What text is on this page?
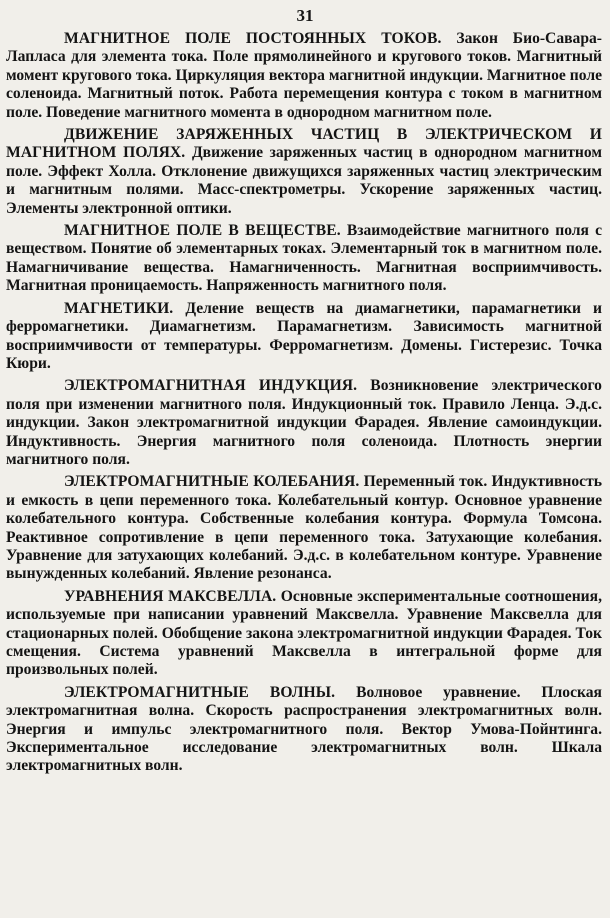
31

МАГНИТНОЕ ПОЛЕ ПОСТОЯННЫХ ТОКОВ. Закон Био-Савара-Лапласа для элемента тока. Поле прямолинейного и кругового токов. Магнитный момент кругового тока. Циркуляция вектора магнитной индукции. Магнитное поле соленоида. Магнитный поток. Работа перемещения контура с током в магнитном поле. Поведение магнитного момента в однородном магнитном поле.

ДВИЖЕНИЕ ЗАРЯЖЕННЫХ ЧАСТИЦ В ЭЛЕКТРИЧЕСКОМ И МАГНИТНОМ ПОЛЯХ. Движение заряженных частиц в однородном магнитном поле. Эффект Холла. Отклонение движущихся заряженных частиц электрическим и магнитным полями. Масс-спектрометры. Ускорение заряженных частиц. Элементы электронной оптики.

МАГНИТНОЕ ПОЛЕ В ВЕЩЕСТВЕ. Взаимодействие магнитного поля с веществом. Понятие об элементарных токах. Элементарный ток в магнитном поле. Намагничивание вещества. Намагниченность. Магнитная восприимчивость. Магнитная проницаемость. Напряженность магнитного поля.

МАГНЕТИКИ. Деление веществ на диамагнетики, парамагнетики и ферромагнетики. Диамагнетизм. Парамагнетизм. Зависимость магнитной восприимчивости от температуры. Ферромагнетизм. Домены. Гистерезис. Точка Кюри.

ЭЛЕКТРОМАГНИТНАЯ ИНДУКЦИЯ. Возникновение электрического поля при изменении магнитного поля. Индукционный ток. Правило Ленца. Э.д.с. индукции. Закон электромагнитной индукции Фарадея. Явление самоиндукции. Индуктивность. Энергия магнитного поля соленоида. Плотность энергии магнитного поля.

ЭЛЕКТРОМАГНИТНЫЕ КОЛЕБАНИЯ. Переменный ток. Индуктивность и емкость в цепи переменного тока. Колебательный контур. Основное уравнение колебательного контура. Собственные колебания контура. Формула Томсона. Реактивное сопротивление в цепи переменного тока. Затухающие колебания. Уравнение для затухающих колебаний. Э.д.с. в колебательном контуре. Уравнение вынужденных колебаний. Явление резонанса.

УРАВНЕНИЯ МАКСВЕЛЛА. Основные экспериментальные соотношения, используемые при написании уравнений Максвелла. Уравнение Максвелла для стационарных полей. Обобщение закона электромагнитной индукции Фарадея. Ток смещения. Система уравнений Максвелла в интегральной форме для произвольных полей.

ЭЛЕКТРОМАГНИТНЫЕ ВОЛНЫ. Волновое уравнение. Плоская электромагнитная волна. Скорость распространения электромагнитных волн. Энергия и импульс электромагнитного поля. Вектор Умова-Пойнтинга. Экспериментальное исследование электромагнитных волн. Шкала электромагнитных волн.
